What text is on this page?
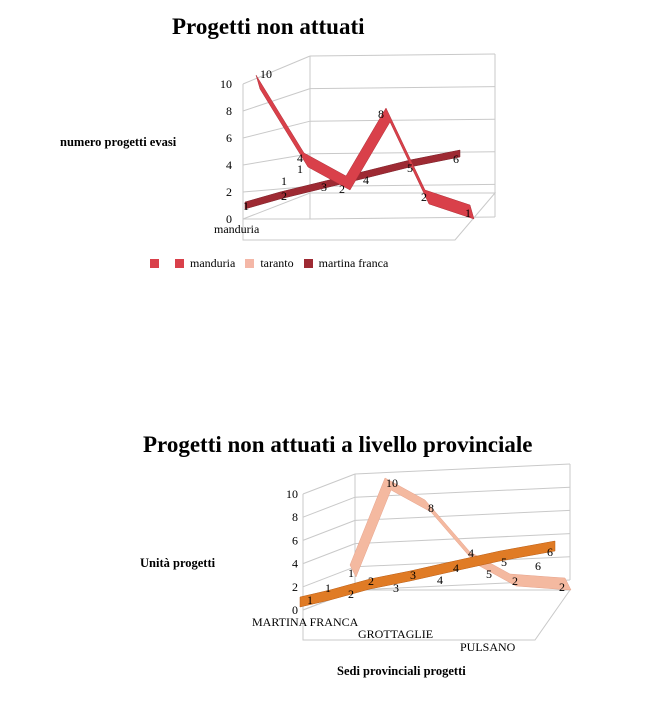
Progetti non attuati
numero progetti evasi
Progetti non attuati a livello provinciale
Unità progetti
Sedi provinciali progetti
manduria taranto martina franca
0
2
4
6
8
10
manduria
10
4
1
2
8
2
1
1
1
2
3	4
5
6
0
2
4
6
8
10
MARTINA FRANCA
GROTTAGLIE
PULSANO
1
10
8
4
2
6
2
1
1 2
2 3
3 4
4 5
5 6
